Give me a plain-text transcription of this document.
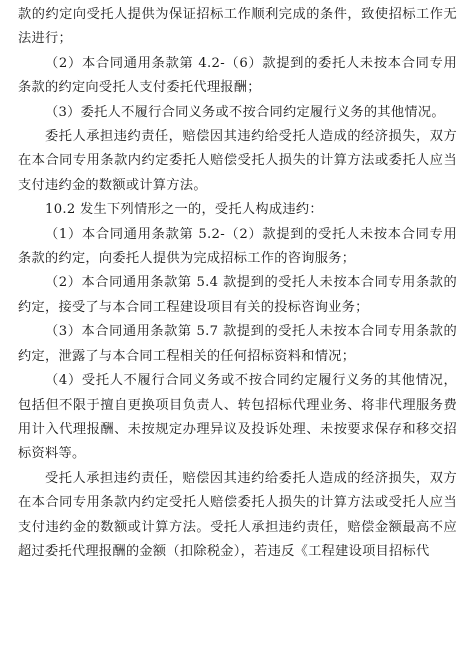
款的约定向受托人提供为保证招标工作顺利完成的条件，致使招标工作无法进行；

（2）本合同通用条款第 4.2-（6）款提到的委托人未按本合同专用条款的约定向受托人支付委托代理报酬；

（3）委托人不履行合同义务或不按合同约定履行义务的其他情况。

委托人承担违约责任，赔偿因其违约给受托人造成的经济损失，双方在本合同专用条款内约定委托人赔偿受托人损失的计算方法或委托人应当支付违约金的数额或计算方法。

10.2 发生下列情形之一的，受托人构成违约：

（1）本合同通用条款第 5.2-（2）款提到的受托人未按本合同专用条款的约定，向委托人提供为完成招标工作的咨询服务；

（2）本合同通用条款第 5.4 款提到的受托人未按本合同专用条款的约定，接受了与本合同工程建设项目有关的投标咨询业务；

（3）本合同通用条款第 5.7 款提到的受托人未按本合同专用条款的约定，泄露了与本合同工程相关的任何招标资料和情况；

（4）受托人不履行合同义务或不按合同约定履行义务的其他情况，包括但不限于擅自更换项目负责人、转包招标代理业务、将非代理服务费用计入代理报酬、未按规定办理异议及投诉处理、未按要求保存和移交招标资料等。

受托人承担违约责任，赔偿因其违约给委托人造成的经济损失，双方在本合同专用条款内约定受托人赔偿委托人损失的计算方法或受托人应当支付违约金的数额或计算方法。受托人承担违约责任，赔偿金额最高不应超过委托代理报酬的金额（扣除税金），若违反《工程建设项目招标代
